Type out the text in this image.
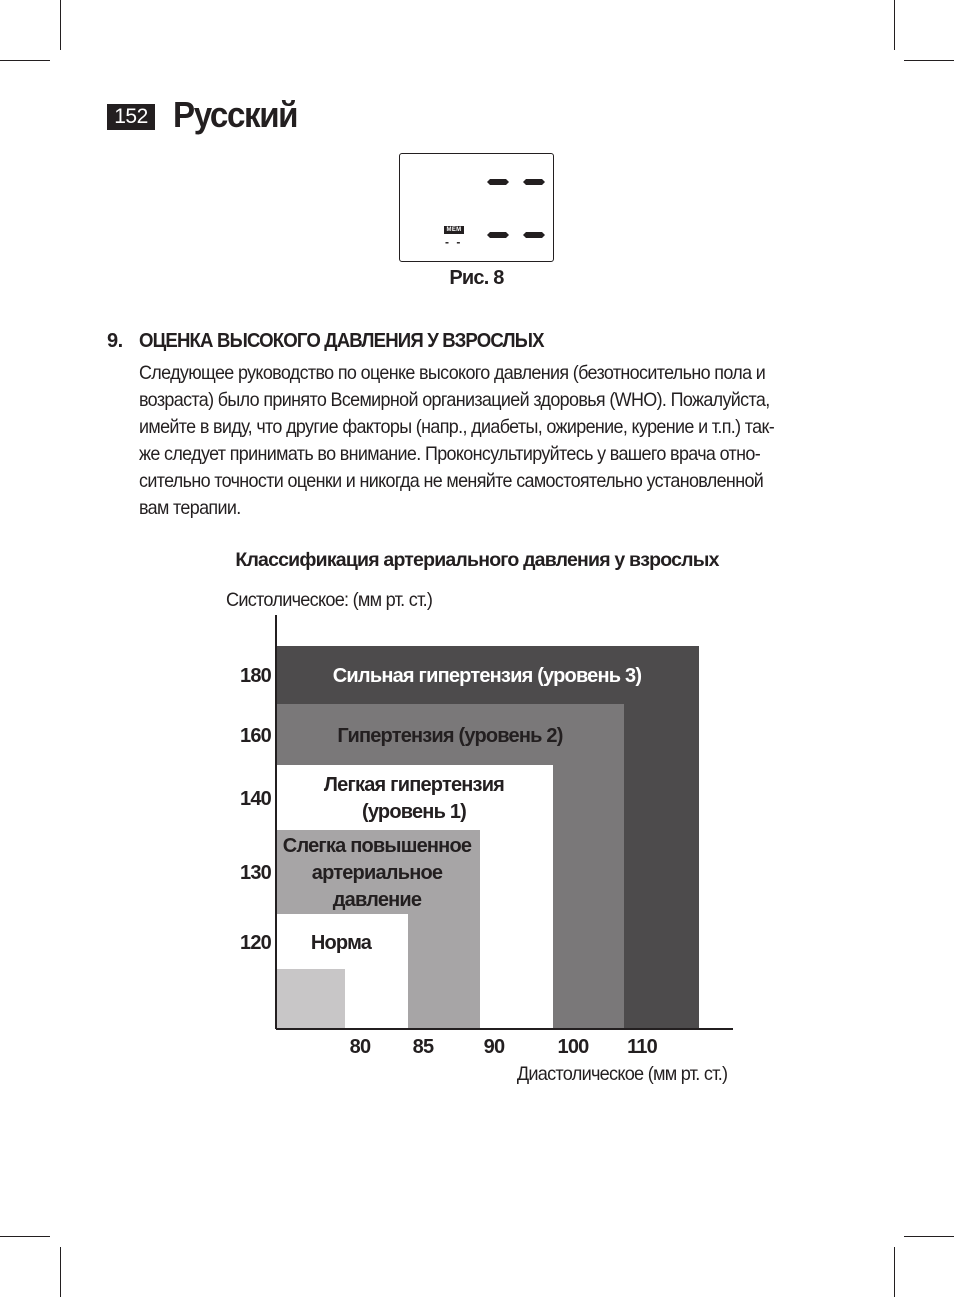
152 Русский
MEM
- -
Рис. 8
9. ОЦЕНКА ВЫСОКОГО ДАВЛЕНИЯ У ВЗРОСЛЫХ
Следующее руководство по оценке высокого давления (безотносительно пола и
возраста) было принято Всемирной организацией здоровья (WHO). Пожалуйста,
имейте в виду, что другие факторы (напр., диабеты, ожирение, курение и т.п.) так-
же следует принимать во внимание. Проконсультируйтесь у вашего врача отно-
сительно точности оценки и никогда не меняйте самостоятельно установленной
вам терапии.
Классификация артериального давления у взрослых
Систолическое: (мм рт. ст.)
Диастолическое (мм рт. ст.)
180
160
140
130
120
80 85	90	100 110
Сильная гипертензия (уровень 3)
Гипертензия (уровень 2)
Легкая гипертензия
(уровень 1)
Слегка повышенное
артериальное
давление
Норма
